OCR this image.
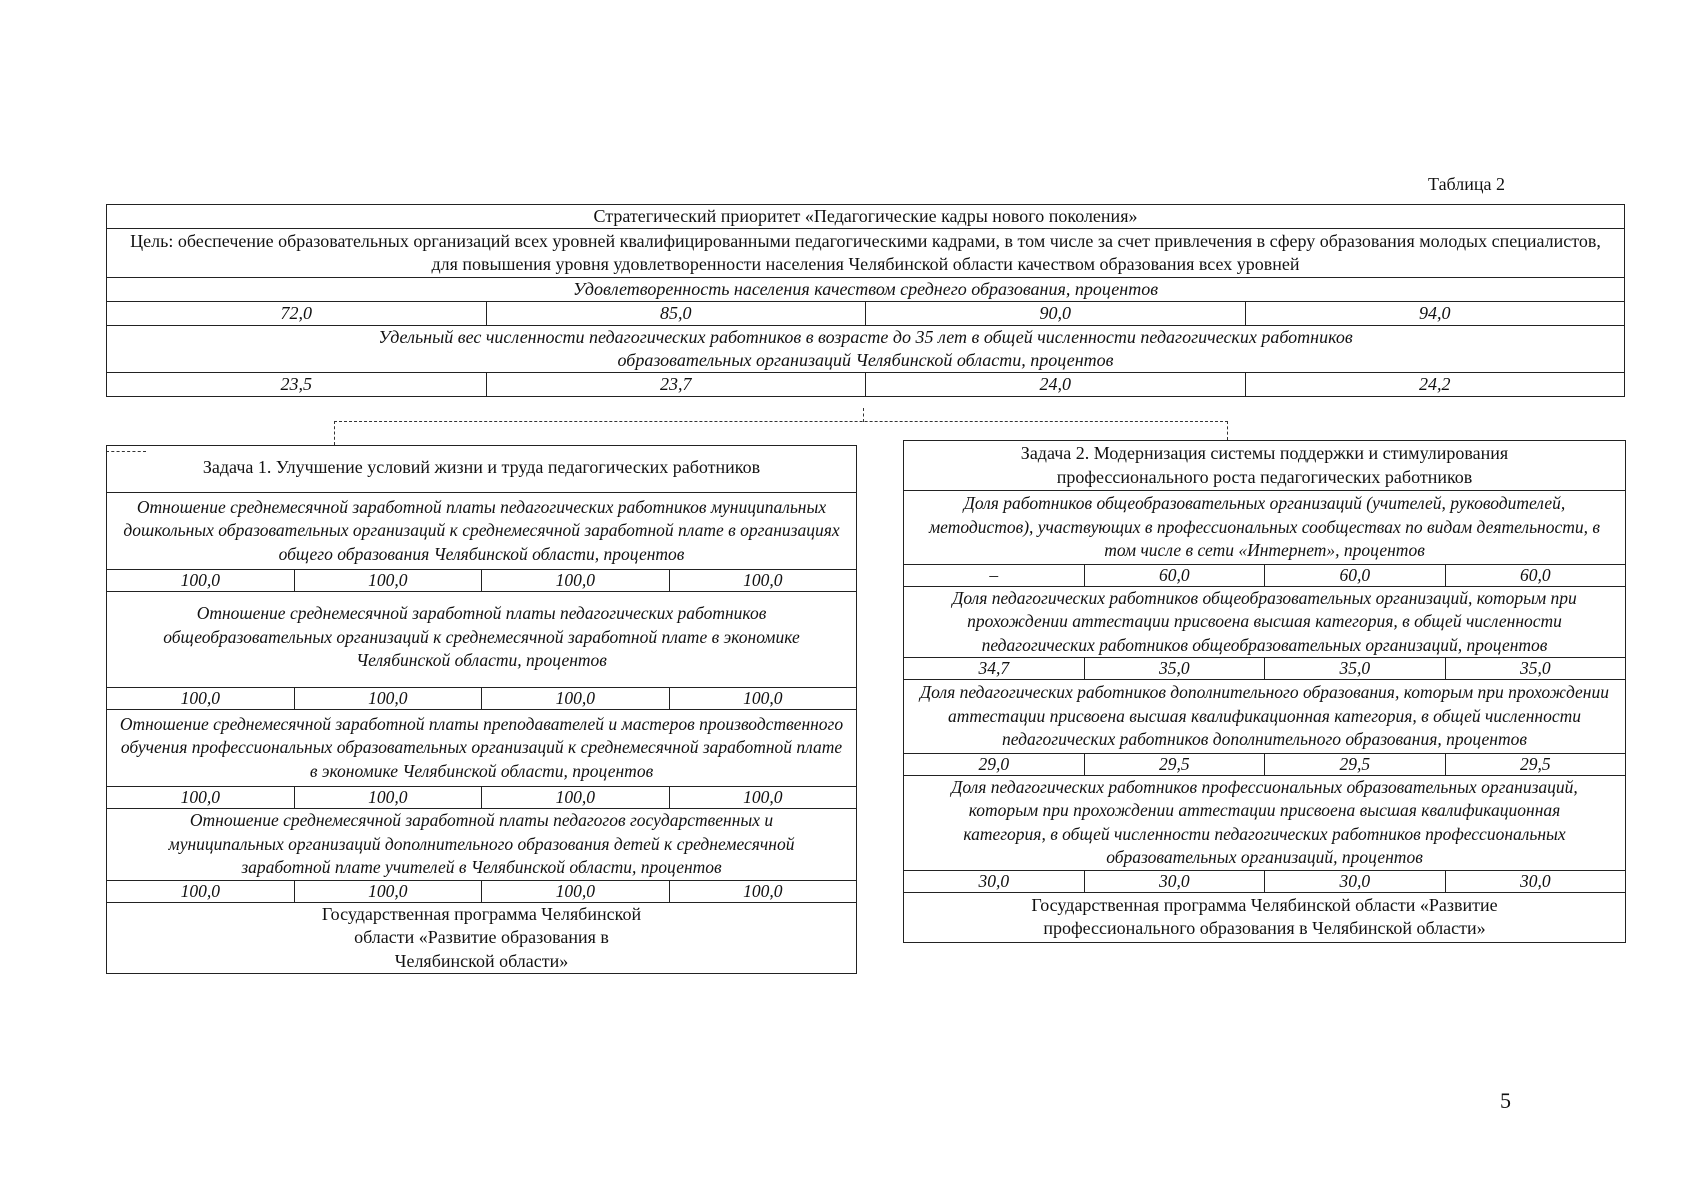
Таблица 2
Стратегический приоритет «Педагогические кадры нового поколения»
Цель: обеспечение образовательных организаций всех уровней квалифицированными педагогическими кадрами, в том числе за счет привлечения в сферу образования молодых специалистов, для повышения уровня удовлетворенности населения Челябинской области качеством образования всех уровней
Удовлетворенность населения качеством среднего образования, процентов
72,0	85,0	90,0	94,0
Удельный вес численности педагогических работников в возрасте до 35 лет в общей численности педагогических работников образовательных организаций Челябинской области, процентов
23,5	23,7	24,0	24,2
Задача 1. Улучшение условий жизни и труда педагогических работников
Отношение среднемесячной заработной платы педагогических работников муниципальных дошкольных образовательных организаций к среднемесячной заработной плате в организациях общего образования Челябинской области, процентов
100,0	100,0	100,0	100,0
Отношение среднемесячной заработной платы педагогических работников общеобразовательных организаций к среднемесячной заработной плате в экономике Челябинской области, процентов
100,0	100,0	100,0	100,0
Отношение среднемесячной заработной платы преподавателей и мастеров производственного обучения профессиональных образовательных организаций к среднемесячной заработной плате в экономике Челябинской области, процентов
100,0	100,0	100,0	100,0
Отношение среднемесячной заработной платы педагогов государственных и муниципальных организаций дополнительного образования детей к среднемесячной заработной плате учителей в Челябинской области, процентов
100,0	100,0	100,0	100,0
Государственная программа Челябинской области «Развитие образования в Челябинской области»
Задача 2. Модернизация системы поддержки и стимулирования профессионального роста педагогических работников
Доля работников общеобразовательных организаций (учителей, руководителей, методистов), участвующих в профессиональных сообществах по видам деятельности, в том числе в сети «Интернет», процентов
–	60,0	60,0	60,0
Доля педагогических работников общеобразовательных организаций, которым при прохождении аттестации присвоена высшая категория, в общей численности педагогических работников общеобразовательных организаций, процентов
34,7	35,0	35,0	35,0
Доля педагогических работников дополнительного образования, которым при прохождении аттестации присвоена высшая квалификационная категория, в общей численности педагогических работников дополнительного образования, процентов
29,0	29,5	29,5	29,5
Доля педагогических работников профессиональных образовательных организаций, которым при прохождении аттестации присвоена высшая квалификационная категория, в общей численности педагогических работников профессиональных образовательных организаций, процентов
30,0	30,0	30,0	30,0
Государственная программа Челябинской области «Развитие профессионального образования в Челябинской области»
5
